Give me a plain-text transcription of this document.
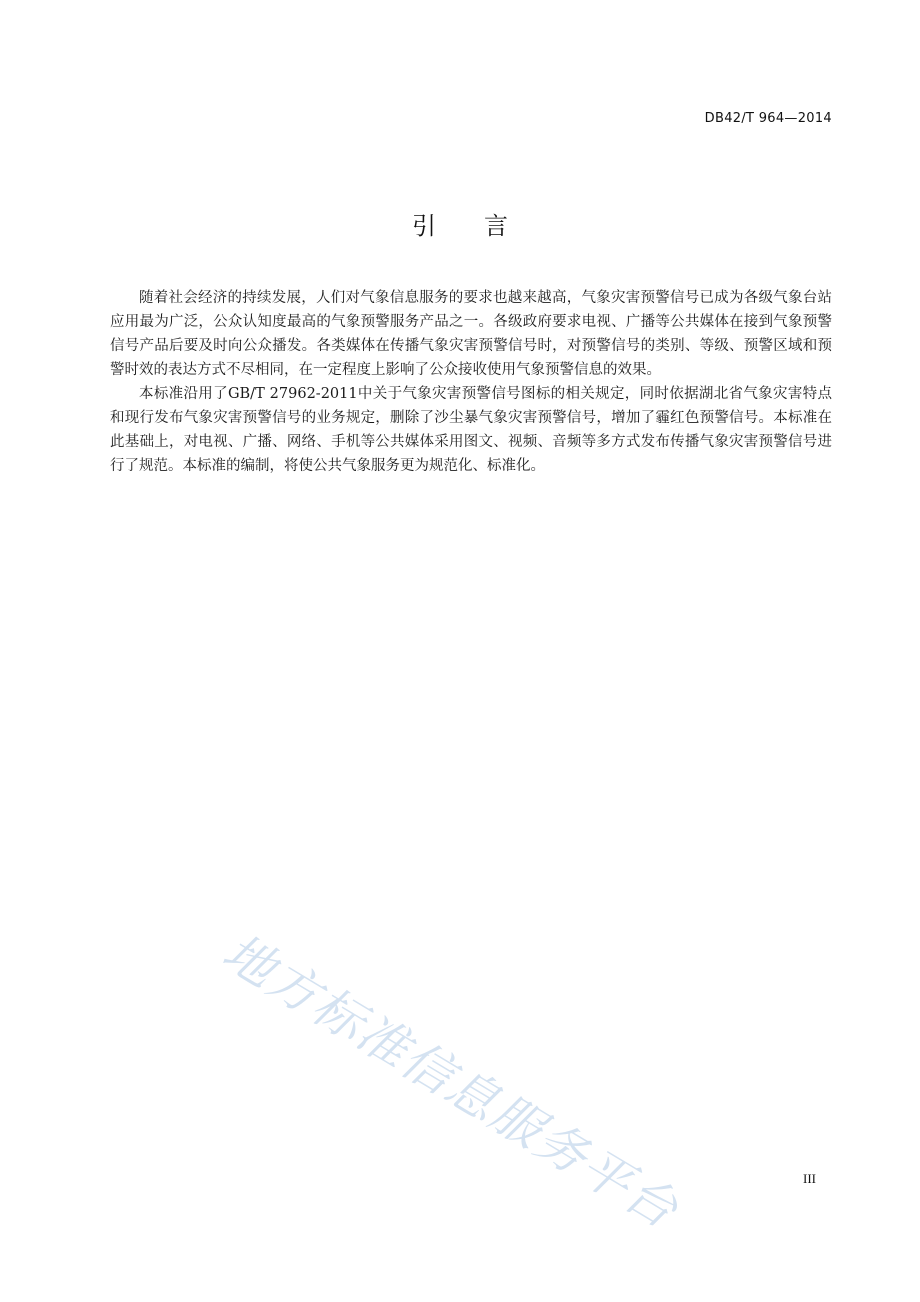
DB42/T 964—2014
引言

随着社会经济的持续发展，人们对气象信息服务的要求也越来越高，气象灾害预警信号已成为各级气象台站应用最为广泛，公众认知度最高的气象预警服务产品之一。各级政府要求电视、广播等公共媒体在接到气象预警信号产品后要及时向公众播发。各类媒体在传播气象灾害预警信号时，对预警信号的类别、等级、预警区域和预警时效的表达方式不尽相同，在一定程度上影响了公众接收使用气象预警信息的效果。

本标准沿用了GB/T 27962-2011中关于气象灾害预警信号图标的相关规定，同时依据湖北省气象灾害特点和现行发布气象灾害预警信号的业务规定，删除了沙尘暴气象灾害预警信号，增加了霾红色预警信号。本标准在此基础上，对电视、广播、网络、手机等公共媒体采用图文、视频、音频等多方式发布传播气象灾害预警信号进行了规范。本标准的编制，将使公共气象服务更为规范化、标准化。

地方标准信息服务平台	III
